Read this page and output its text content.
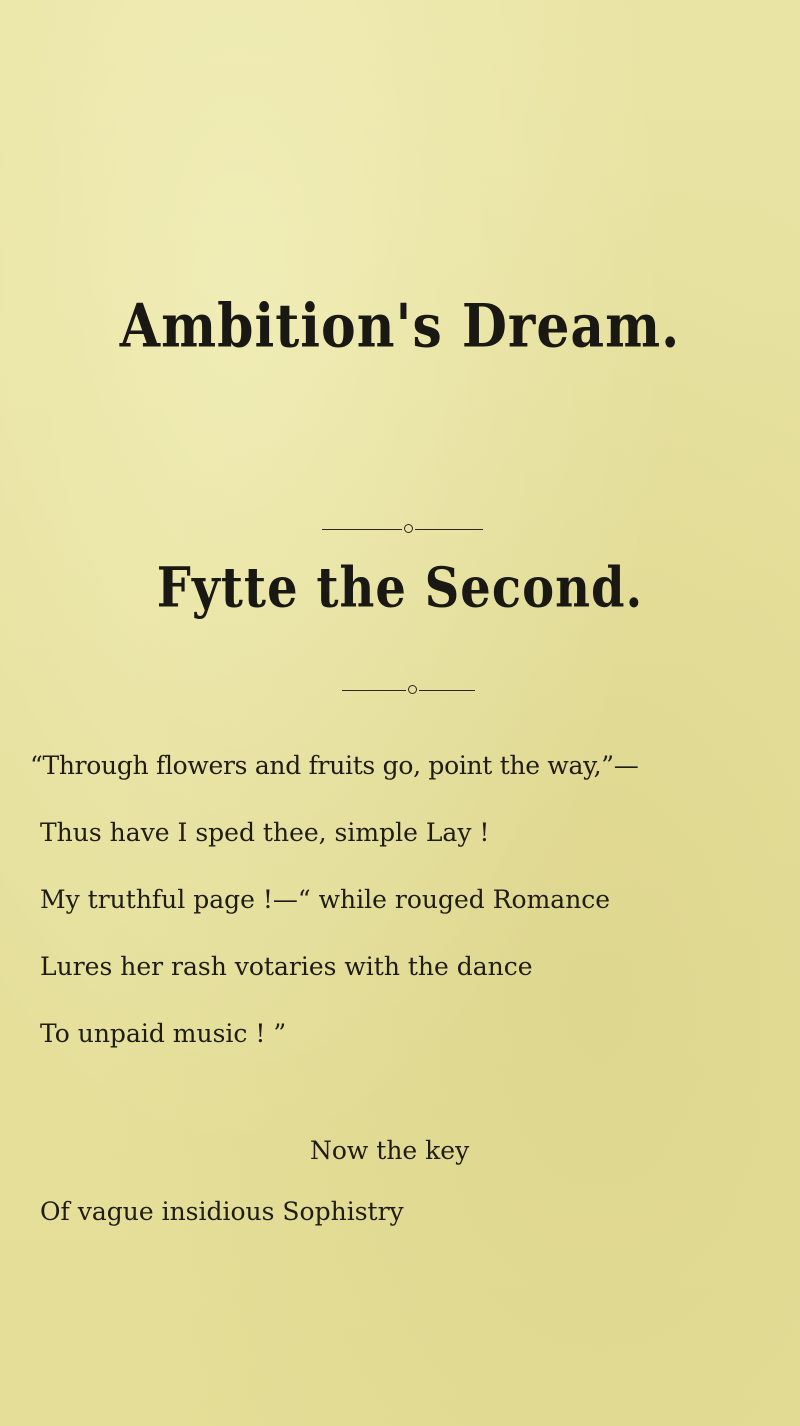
Ambition's Dream.
Fytte the Second.
“Through flowers and fruits go, point the way,”—
Thus have I sped thee, simple Lay !
My truthful page !—“ while rouged Romance
Lures her rash votaries with the dance
To unpaid music ! ”
Now the key
Of vague insidious Sophistry
